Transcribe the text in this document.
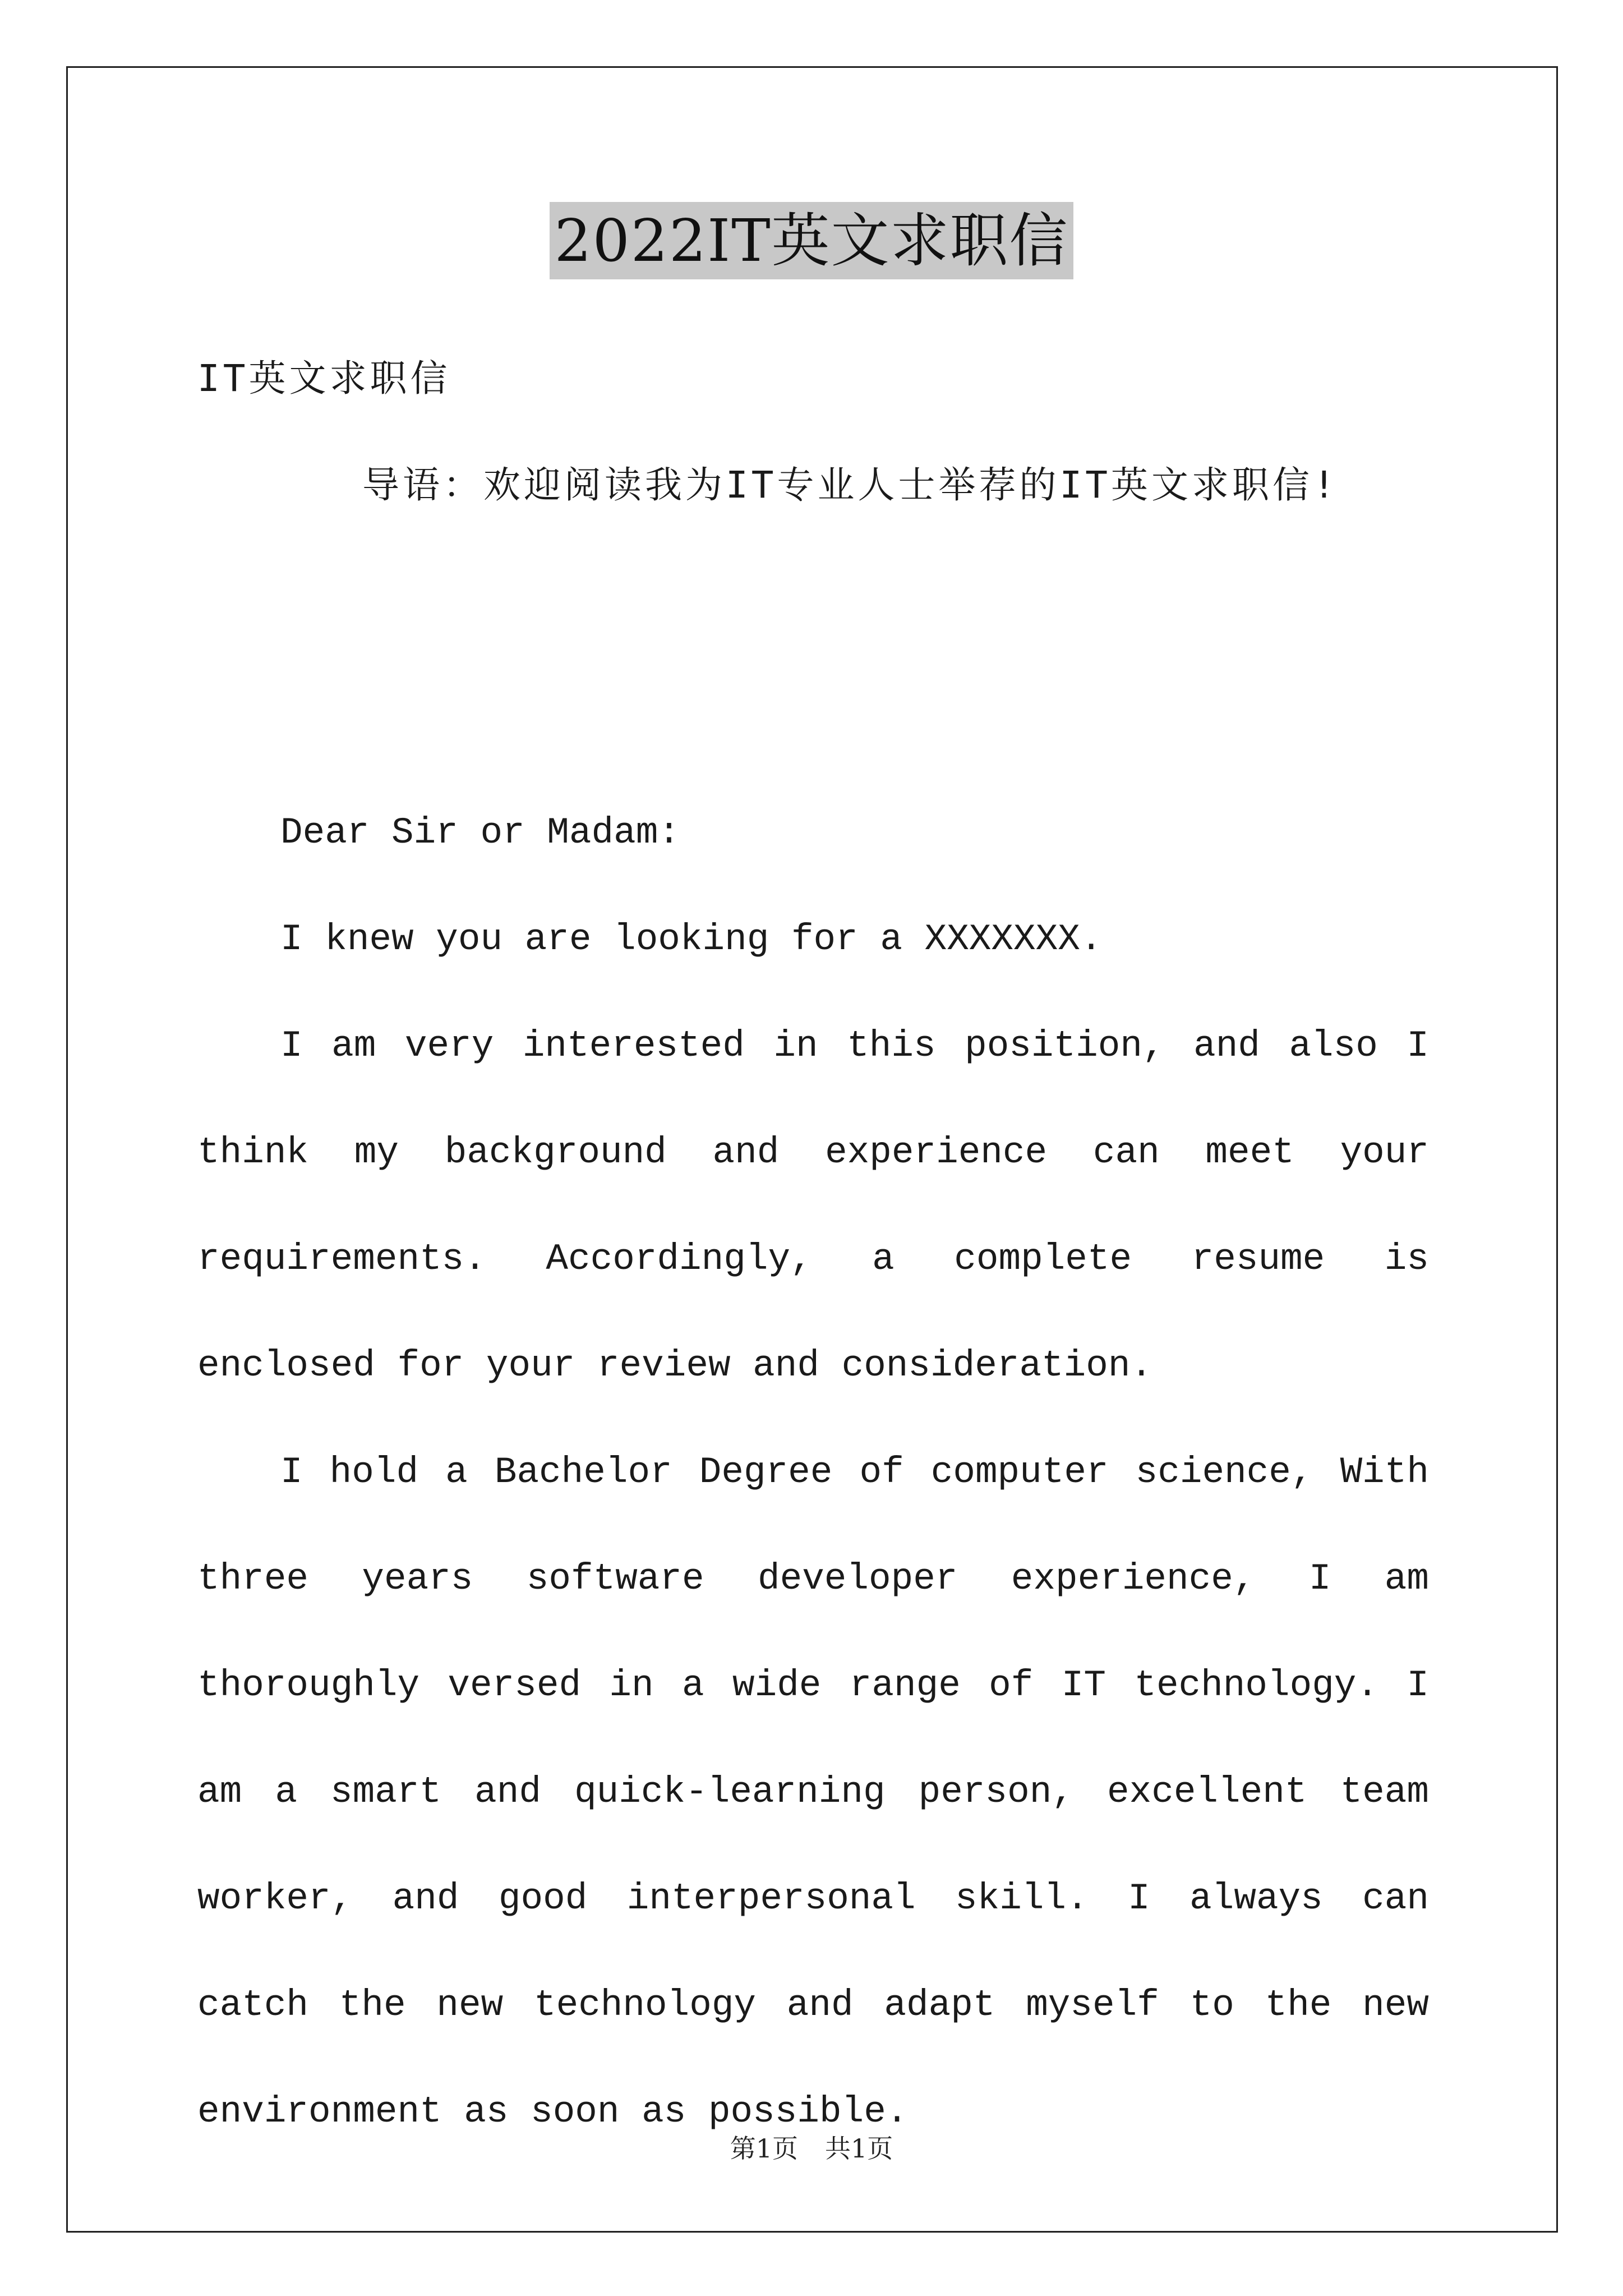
2022IT英文求职信
IT英文求职信
导语：欢迎阅读我为IT专业人士举荐的IT英文求职信!

Dear Sir or Madam:

I knew you are looking for a XXXXXXX.

I am very interested in this position, and also I think my background and experience can meet your requirements. Accordingly, a complete resume is enclosed for your review and consideration.

I hold a Bachelor Degree of computer science, With three years software developer experience, I am thoroughly versed in a wide range of IT technology. I am a smart and quick-learning person, excellent team worker, and good interpersonal skill. I always can catch the new technology and adapt myself to the new environment as soon as possible.

第1页 共1页
